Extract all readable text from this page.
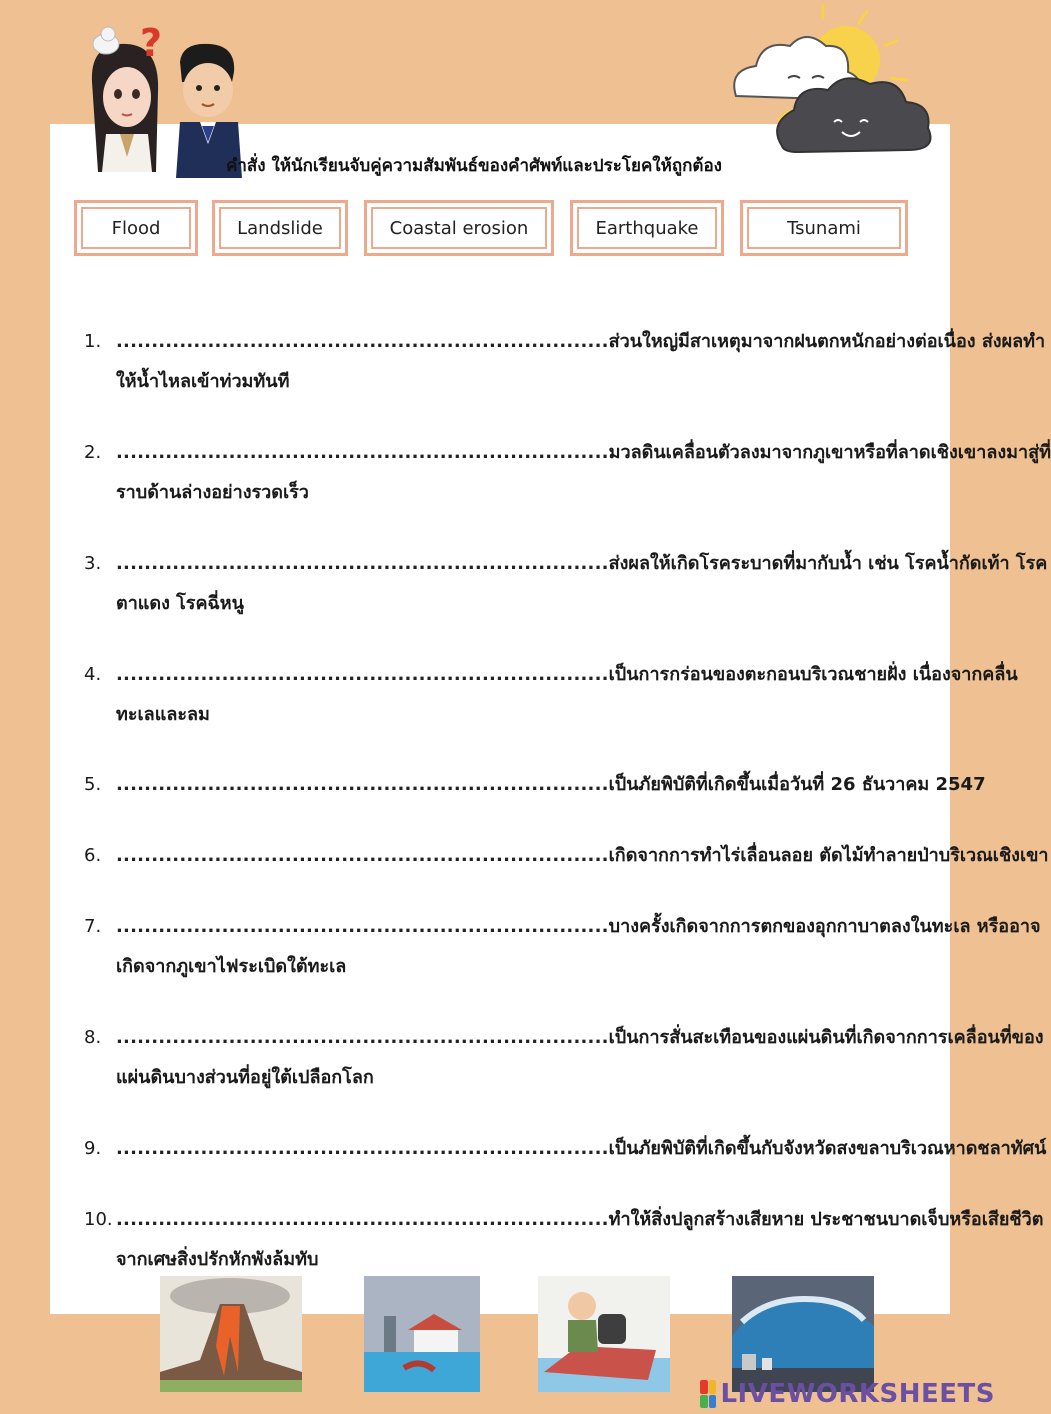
?
คำสั่ง ให้นักเรียนจับคู่ความสัมพันธ์ของคำศัพท์และประโยคให้ถูกต้อง
Flood	Landslide	Coastal erosion	Earthquake	Tsunami
1. ......................................................................ส่วนใหญ่มีสาเหตุมาจากฝนตกหนักอย่างต่อเนื่อง ส่งผลทำ
ให้น้ำไหลเข้าท่วมทันที
2. ......................................................................มวลดินเคลื่อนตัวลงมาจากภูเขาหรือที่ลาดเชิงเขาลงมาสู่ที่
ราบด้านล่างอย่างรวดเร็ว
3. ......................................................................ส่งผลให้เกิดโรคระบาดที่มากับน้ำ เช่น โรคน้ำกัดเท้า โรค
ตาแดง โรคฉี่หนู
4. ......................................................................เป็นการกร่อนของตะกอนบริเวณชายฝั่ง เนื่องจากคลื่น
ทะเลและลม
5. ......................................................................เป็นภัยพิบัติที่เกิดขึ้นเมื่อวันที่ 26 ธันวาคม 2547
6. ......................................................................เกิดจากการทำไร่เลื่อนลอย ตัดไม้ทำลายป่าบริเวณเชิงเขา
7. ......................................................................บางครั้งเกิดจากการตกของอุกกาบาตลงในทะเล หรืออาจ
เกิดจากภูเขาไฟระเบิดใต้ทะเล
8. ......................................................................เป็นการสั่นสะเทือนของแผ่นดินที่เกิดจากการเคลื่อนที่ของ
แผ่นดินบางส่วนที่อยู่ใต้เปลือกโลก
9. ......................................................................เป็นภัยพิบัติที่เกิดขึ้นกับจังหวัดสงขลาบริเวณหาดชลาทัศน์
10. ......................................................................ทำให้สิ่งปลูกสร้างเสียหาย ประชาชนบาดเจ็บหรือเสียชีวิต
จากเศษสิ่งปรักหักพังล้มทับ
LIVEWORKSHEETS
